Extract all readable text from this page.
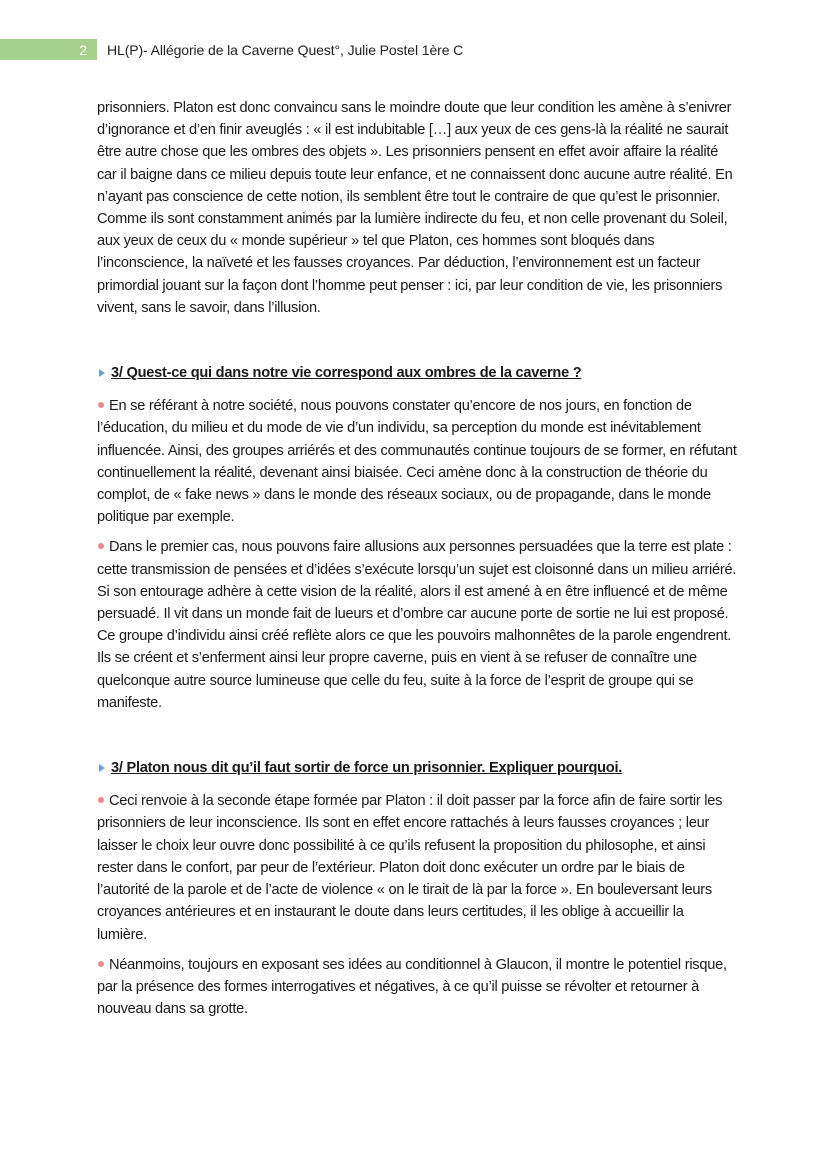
2 HL(P)- Allégorie de la Caverne Quest°, Julie Postel 1ère C

prisonniers. Platon est donc convaincu sans le moindre doute que leur condition les amène à s’enivrer d’ignorance et d’en finir aveuglés : « il est indubitable […] aux yeux de ces gens-là la réalité ne saurait être autre chose que les ombres des objets ». Les prisonniers pensent en effet avoir affaire la réalité car il baigne dans ce milieu depuis toute leur enfance, et ne connaissent donc aucune autre réalité. En n’ayant pas conscience de cette notion, ils semblent être tout le contraire de que qu’est le prisonnier. Comme ils sont constamment animés par la lumière indirecte du feu, et non celle provenant du Soleil, aux yeux de ceux du « monde supérieur » tel que Platon, ces hommes sont bloqués dans l’inconscience, la naïveté et les fausses croyances. Par déduction, l’environnement est un facteur primordial jouant sur la façon dont l’homme peut penser : ici, par leur condition de vie, les prisonniers vivent, sans le savoir, dans l’illusion.

3/ Quest-ce qui dans notre vie correspond aux ombres de la caverne ?

En se référant à notre société, nous pouvons constater qu’encore de nos jours, en fonction de l’éducation, du milieu et du mode de vie d’un individu, sa perception du monde est inévitablement influencée. Ainsi, des groupes arriérés et des communautés continue toujours de se former, en réfutant continuellement la réalité, devenant ainsi biaisée. Ceci amène donc à la construction de théorie du complot, de « fake news » dans le monde des réseaux sociaux, ou de propagande, dans le monde politique par exemple.

Dans le premier cas, nous pouvons faire allusions aux personnes persuadées que la terre est plate : cette transmission de pensées et d’idées s’exécute lorsqu’un sujet est cloisonné dans un milieu arriéré. Si son entourage adhère à cette vision de la réalité, alors il est amené à en être influencé et de même persuadé. Il vit dans un monde fait de lueurs et d’ombre car aucune porte de sortie ne lui est proposé. Ce groupe d’individu ainsi créé reflète alors ce que les pouvoirs malhonnêtes de la parole engendrent. Ils se créent et s’enferment ainsi leur propre caverne, puis en vient à se refuser de connaître une quelconque autre source lumineuse que celle du feu, suite à la force de l’esprit de groupe qui se manifeste.

3/ Platon nous dit qu’il faut sortir de force un prisonnier. Expliquer pourquoi.

Ceci renvoie à la seconde étape formée par Platon : il doit passer par la force afin de faire sortir les prisonniers de leur inconscience. Ils sont en effet encore rattachés à leurs fausses croyances ; leur laisser le choix leur ouvre donc possibilité à ce qu’ils refusent la proposition du philosophe, et ainsi rester dans le confort, par peur de l’extérieur. Platon doit donc exécuter un ordre par le biais de l’autorité de la parole et de l’acte de violence « on le tirait de là par la force ». En bouleversant leurs croyances antérieures et en instaurant le doute dans leurs certitudes, il les oblige à accueillir la lumière.

Néanmoins, toujours en exposant ses idées au conditionnel à Glaucon, il montre le potentiel risque, par la présence des formes interrogatives et négatives, à ce qu’il puisse se révolter et retourner à nouveau dans sa grotte.
